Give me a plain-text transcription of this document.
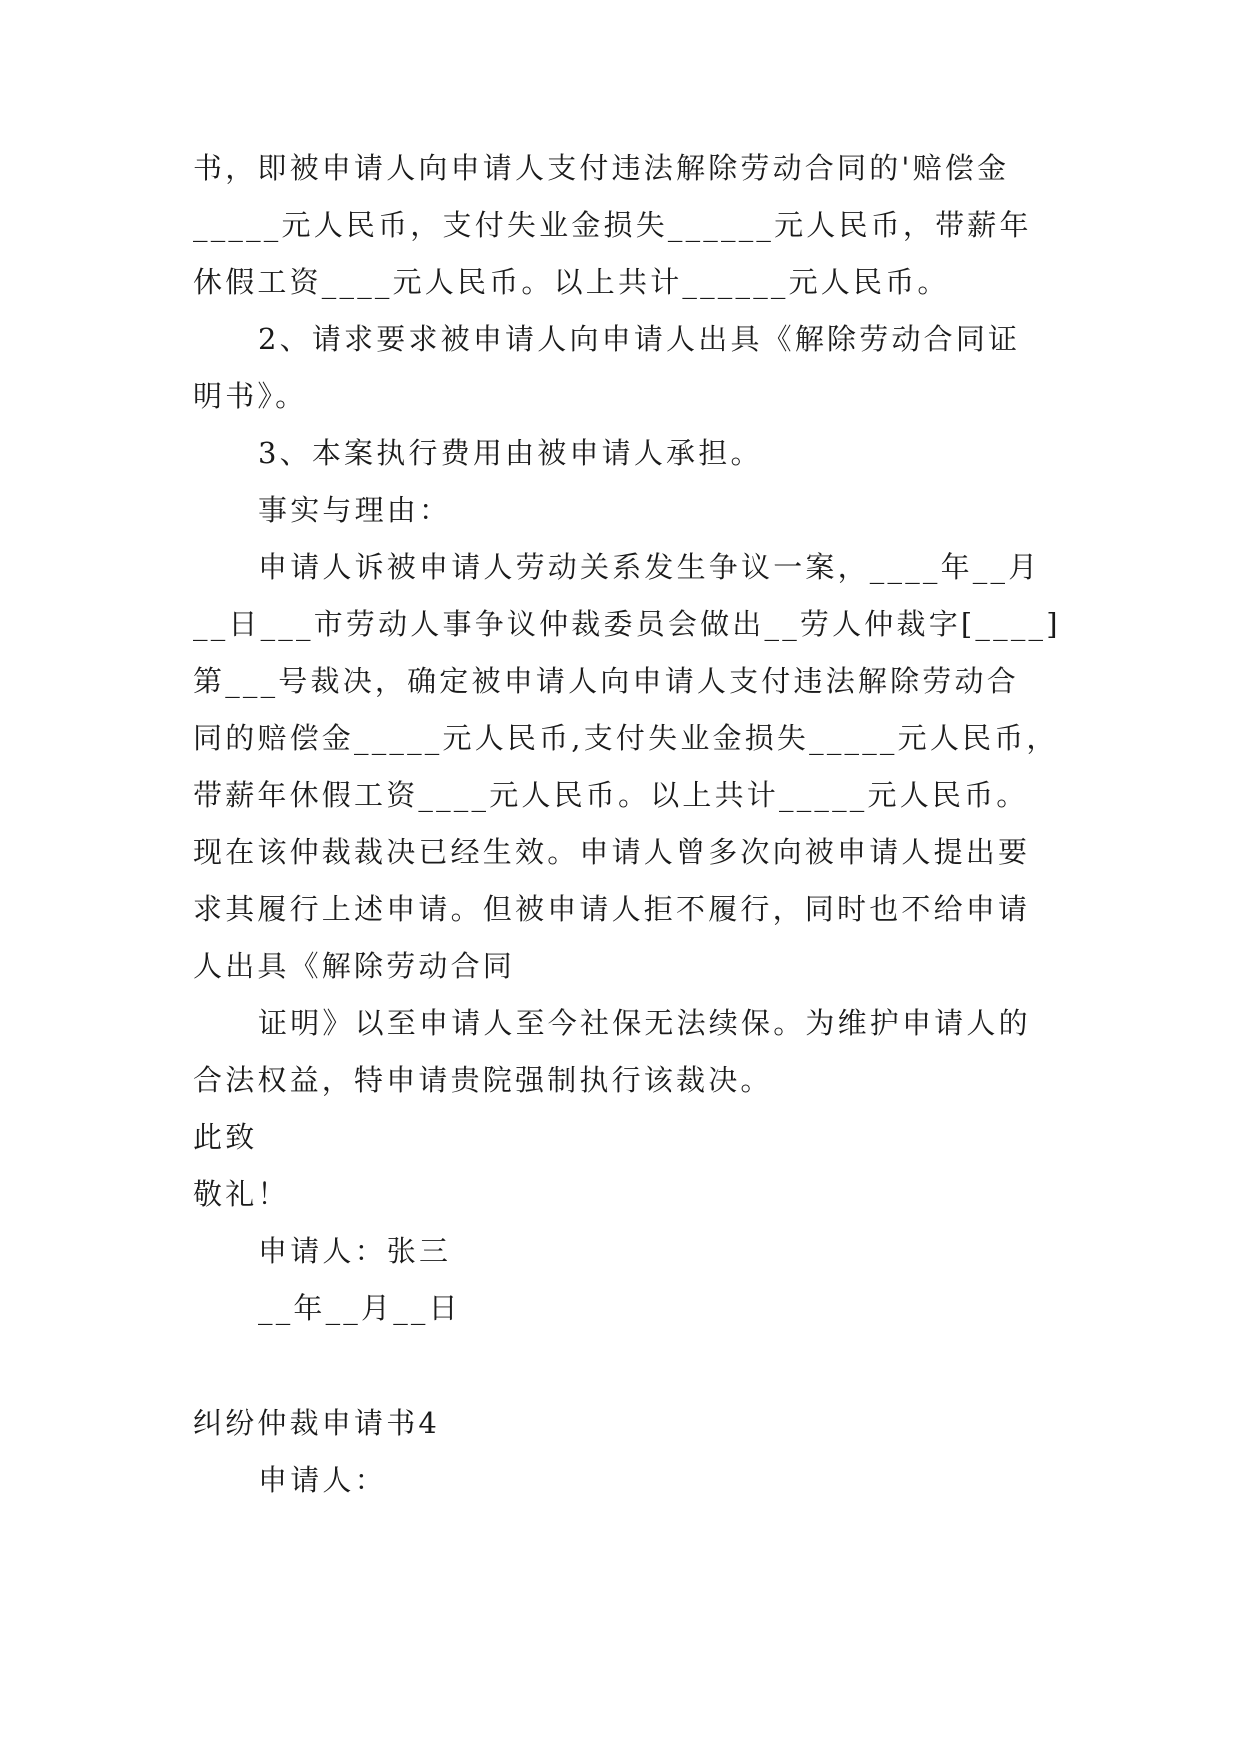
书，即被申请人向申请人支付违法解除劳动合同的'赔偿金
_____元人民币，支付失业金损失______元人民币，带薪年
休假工资____元人民币。以上共计______元人民币。
2、请求要求被申请人向申请人出具《解除劳动合同证
明书》。
3、本案执行费用由被申请人承担。
事实与理由：
申请人诉被申请人劳动关系发生争议一案，____年__月
__日___市劳动人事争议仲裁委员会做出__劳人仲裁字[____]
第___号裁决，确定被申请人向申请人支付违法解除劳动合
同的赔偿金_____元人民币,支付失业金损失_____元人民币，
带薪年休假工资____元人民币。以上共计_____元人民币。
现在该仲裁裁决已经生效。申请人曾多次向被申请人提出要
求其履行上述申请。但被申请人拒不履行，同时也不给申请
人出具《解除劳动合同
证明》以至申请人至今社保无法续保。为维护申请人的
合法权益，特申请贵院强制执行该裁决。
此致
敬礼！
申请人：张三
__年__月__日
纠纷仲裁申请书4
申请人：
